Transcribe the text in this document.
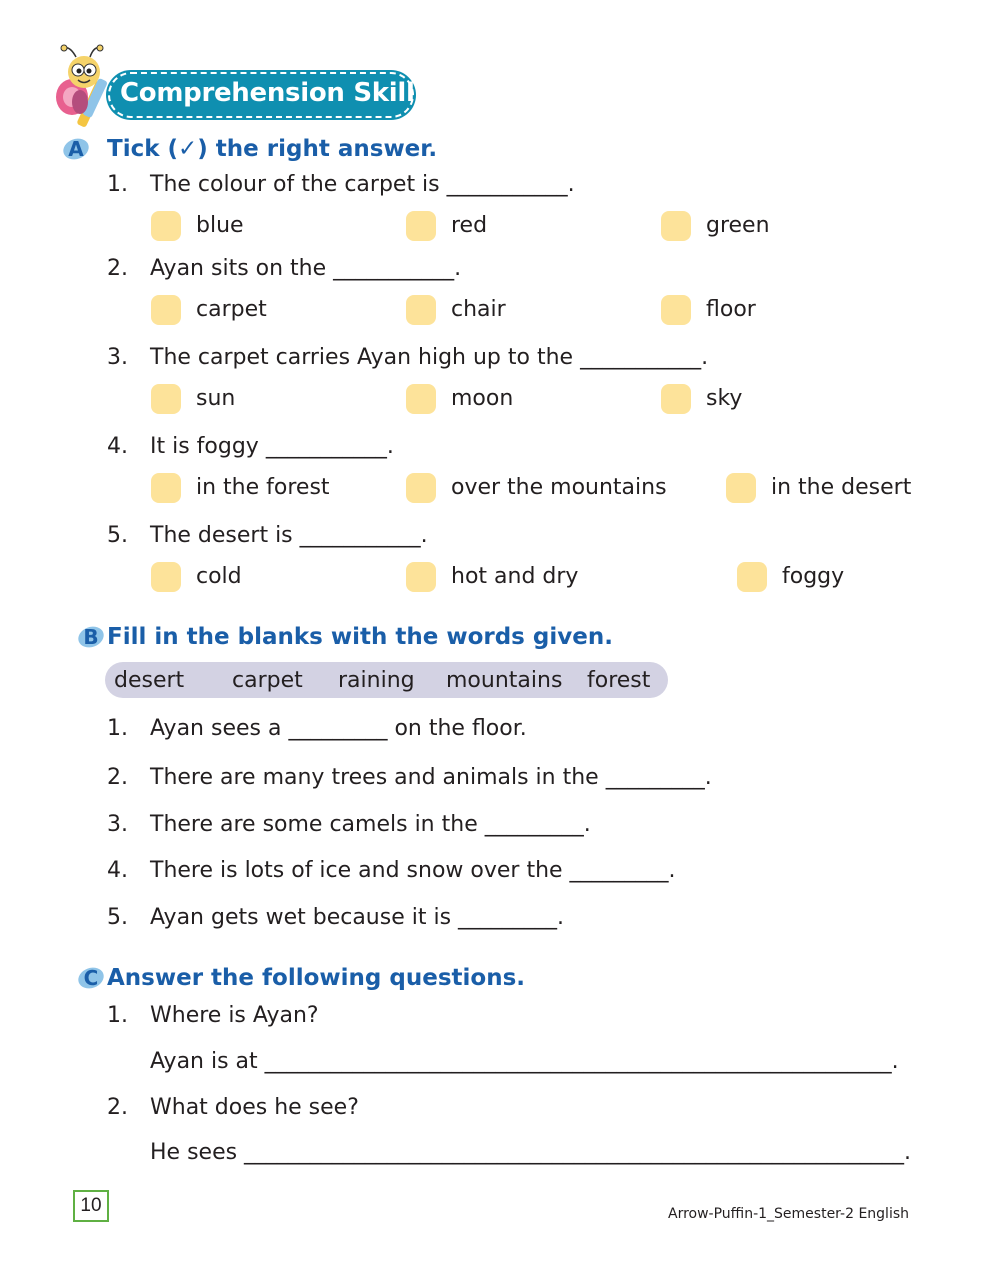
Comprehension Skills
A Tick (✓) the right answer.
1. The colour of the carpet is ___________.
blue	red	green
2. Ayan sits on the ___________.
carpet	chair	floor
3. The carpet carries Ayan high up to the ___________.
sun	moon	sky
4. It is foggy ___________.
in the forest	over the mountains	in the desert
5. The desert is ___________.
cold	hot and dry	foggy
B Fill in the blanks with the words given.
desert carpet raining mountains forest
1. Ayan sees a _________ on the floor.
2. There are many trees and animals in the _________.
3. There are some camels in the _________.
4. There is lots of ice and snow over the _________.
5. Ayan gets wet because it is _________.
C Answer the following questions.
1. Where is Ayan?
Ayan is at _________________________________________________________.
2. What does he see?
He sees ____________________________________________________________.
10	Arrow-Puffin-1_Semester-2 English
